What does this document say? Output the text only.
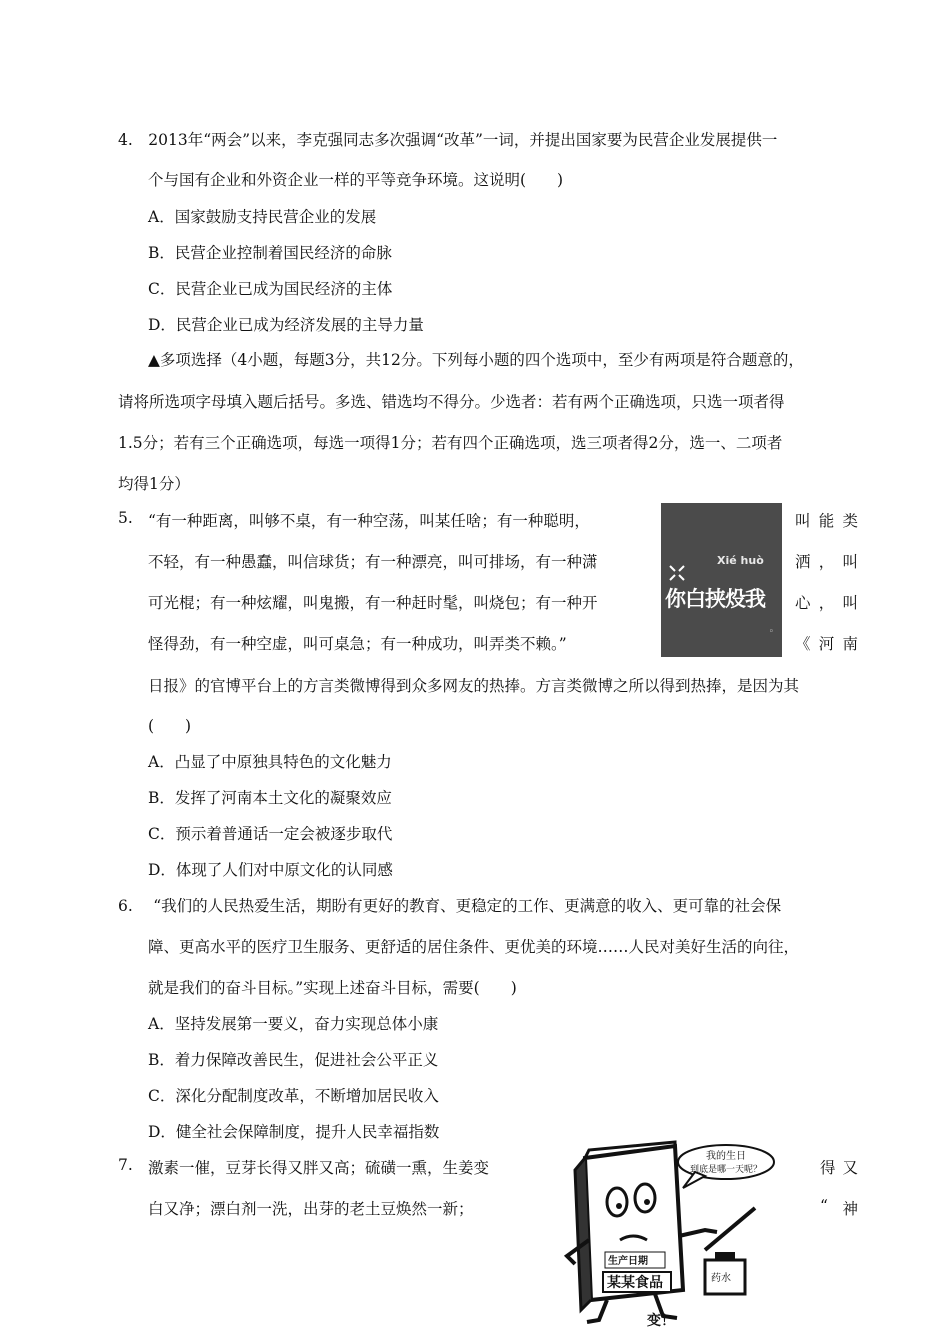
4.　2013年“两会”以来，李克强同志多次强调“改革”一词，并提出国家要为民营企业发展提供一
个与国有企业和外资企业一样的平等竞争环境。这说明(　　)
A．国家鼓励支持民营企业的发展
B．民营企业控制着国民经济的命脉
C．民营企业已成为国民经济的主体
D．民营企业已成为经济发展的主导力量
▲多项选择（4小题，每题3分，共12分。下列每小题的四个选项中，至少有两项是符合题意的，
请将所选项字母填入题后括号。多选、错选均不得分。少选者：若有两个正确选项，只选一项者得
1.5分；若有三个正确选项，每选一项得1分；若有四个正确选项，选三项者得2分，选一、二项者
均得1分）
5. “有一种距离，叫够不桌，有一种空荡，叫某任啥；有一种聪明，	叫 能 类
不轻，有一种愚蠢，叫信球货；有一种漂亮，叫可排场，有一种潇	洒 ， 叫
可光棍；有一种炫耀，叫鬼搬，有一种赶时髦，叫烧包；有一种开	心 ， 叫
怪得劲，有一种空虚，叫可桌急；有一种成功，叫弄类不赖。”	《 河 南
Xié huò
你白挟炈我
◦
日报》的官博平台上的方言类微博得到众多网友的热捧。方言类微博之所以得到热捧，是因为其
(　　)
A．凸显了中原独具特色的文化魅力
B．发挥了河南本土文化的凝聚效应
C．预示着普通话一定会被逐步取代
D．体现了人们对中原文化的认同感
6.　 “我们的人民热爱生活，期盼有更好的教育、更稳定的工作、更满意的收入、更可靠的社会保
障、更高水平的医疗卫生服务、更舒适的居住条件、更优美的环境……人民对美好生活的向往，
就是我们的奋斗目标。”实现上述奋斗目标，需要(　　)
A．坚持发展第一要义，奋力实现总体小康
B．着力保障改善民生，促进社会公平正义
C．深化分配制度改革，不断增加居民收入
D．健全社会保障制度，提升人民幸福指数
7. 激素一催，豆芽长得又胖又高；硫磺一熏，生姜变	得 又
白又净；漂白剂一洗，出芽的老土豆焕然一新；	“ 神
我的生日
到底是哪一天呢？
生产日期
某某食品	药水
变！
